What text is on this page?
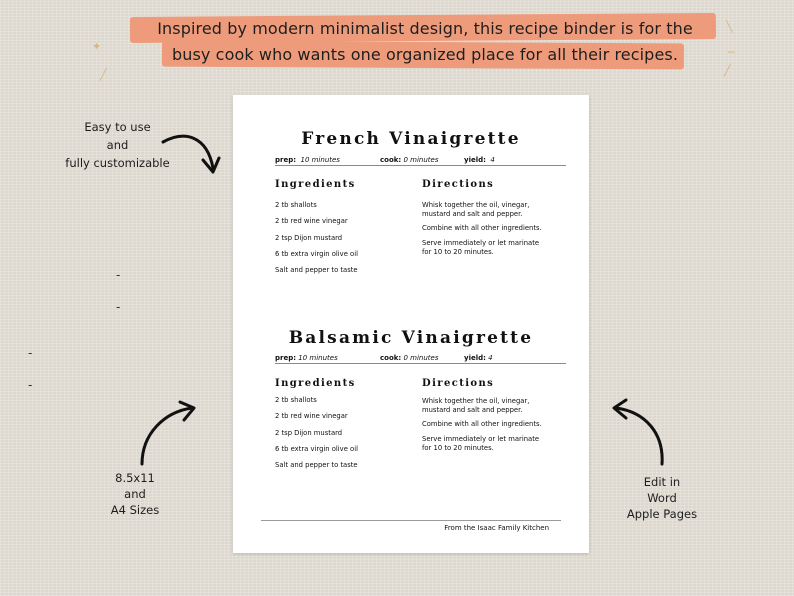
Inspired by modern minimalist design, this recipe binder is for the
busy cook who wants one organized place for all their recipes.
✦
╱
╲
─
╱
Easy to use
and
fully customizable
-
-
-
-
8.5x11
and
A4 Sizes
Edit in
Word
Apple Pages
French Vinaigrette
prep: 10 minutes	cook: 0 minutes	yield: 4
Ingredients
2 tb shallots
2 tb red wine vinegar
2 tsp Dijon mustard
6 tb extra virgin olive oil
Salt and pepper to taste
Directions
Whisk together the oil, vinegar, mustard and salt and pepper.
Combine with all other ingredients.
Serve immediately or let marinate for 10 to 20 minutes.
Balsamic Vinaigrette
prep: 10 minutes	cook: 0 minutes	yield: 4
Ingredients
2 tb shallots
2 tb red wine vinegar
2 tsp Dijon mustard
6 tb extra virgin olive oil
Salt and pepper to taste
Directions
Whisk together the oil, vinegar, mustard and salt and pepper.
Combine with all other ingredients.
Serve immediately or let marinate for 10 to 20 minutes.
From the Isaac Family Kitchen
